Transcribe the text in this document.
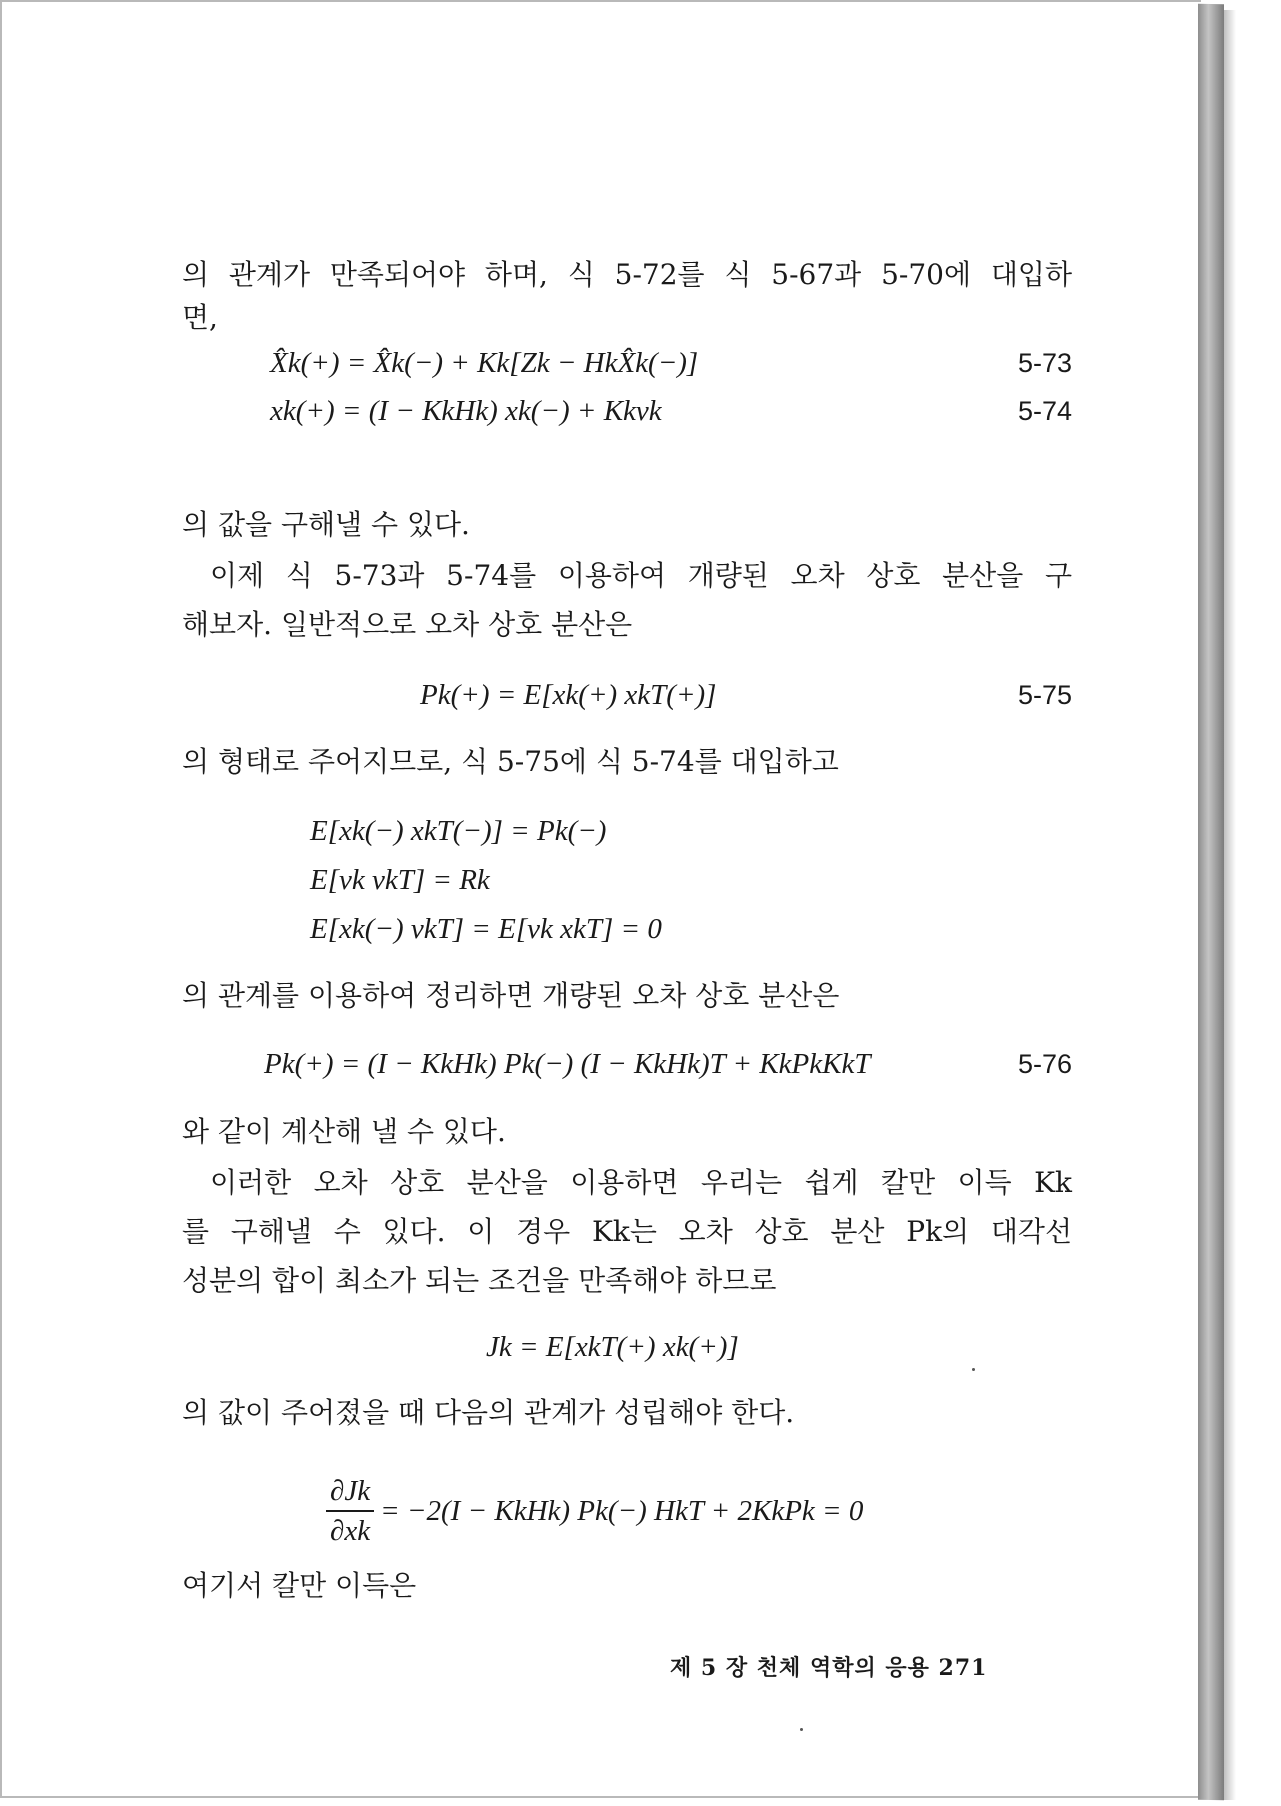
의 관계가 만족되어야 하며, 식 5-72를 식 5-67과 5-70에 대입하
면,
X̂k(+) = X̂k(−) + Kk[Zk − HkX̂k(−)]	5-73
xk(+) = (I − KkHk) xk(−) + Kkvk	5-74
의 값을 구해낼 수 있다.
이제 식 5-73과 5-74를 이용하여 개량된 오차 상호 분산을 구
해보자. 일반적으로 오차 상호 분산은
Pk(+) = E[xk(+) xkT(+)]	5-75
의 형태로 주어지므로, 식 5-75에 식 5-74를 대입하고
E[xk(−) xkT(−)] = Pk(−)
E[vk vkT] = Rk
E[xk(−) vkT] = E[vk xkT] = 0
의 관계를 이용하여 정리하면 개량된 오차 상호 분산은
Pk(+) = (I − KkHk) Pk(−) (I − KkHk)T + KkPkKkT	5-76
와 같이 계산해 낼 수 있다.
이러한 오차 상호 분산을 이용하면 우리는 쉽게 칼만 이득 Kk
를 구해낼 수 있다. 이 경우 Kk는 오차 상호 분산 Pk의 대각선
성분의 합이 최소가 되는 조건을 만족해야 하므로
Jk = E[xkT(+) xk(+)]
의 값이 주어졌을 때 다음의 관계가 성립해야 한다.
$\frac{\partial Jk}{\partial xk} = -2(I$ − KkHk) Pk(−) HkT + 2KkPk = 0
여기서 칼만 이득은
제 5 장 천체 역학의 응용 271
